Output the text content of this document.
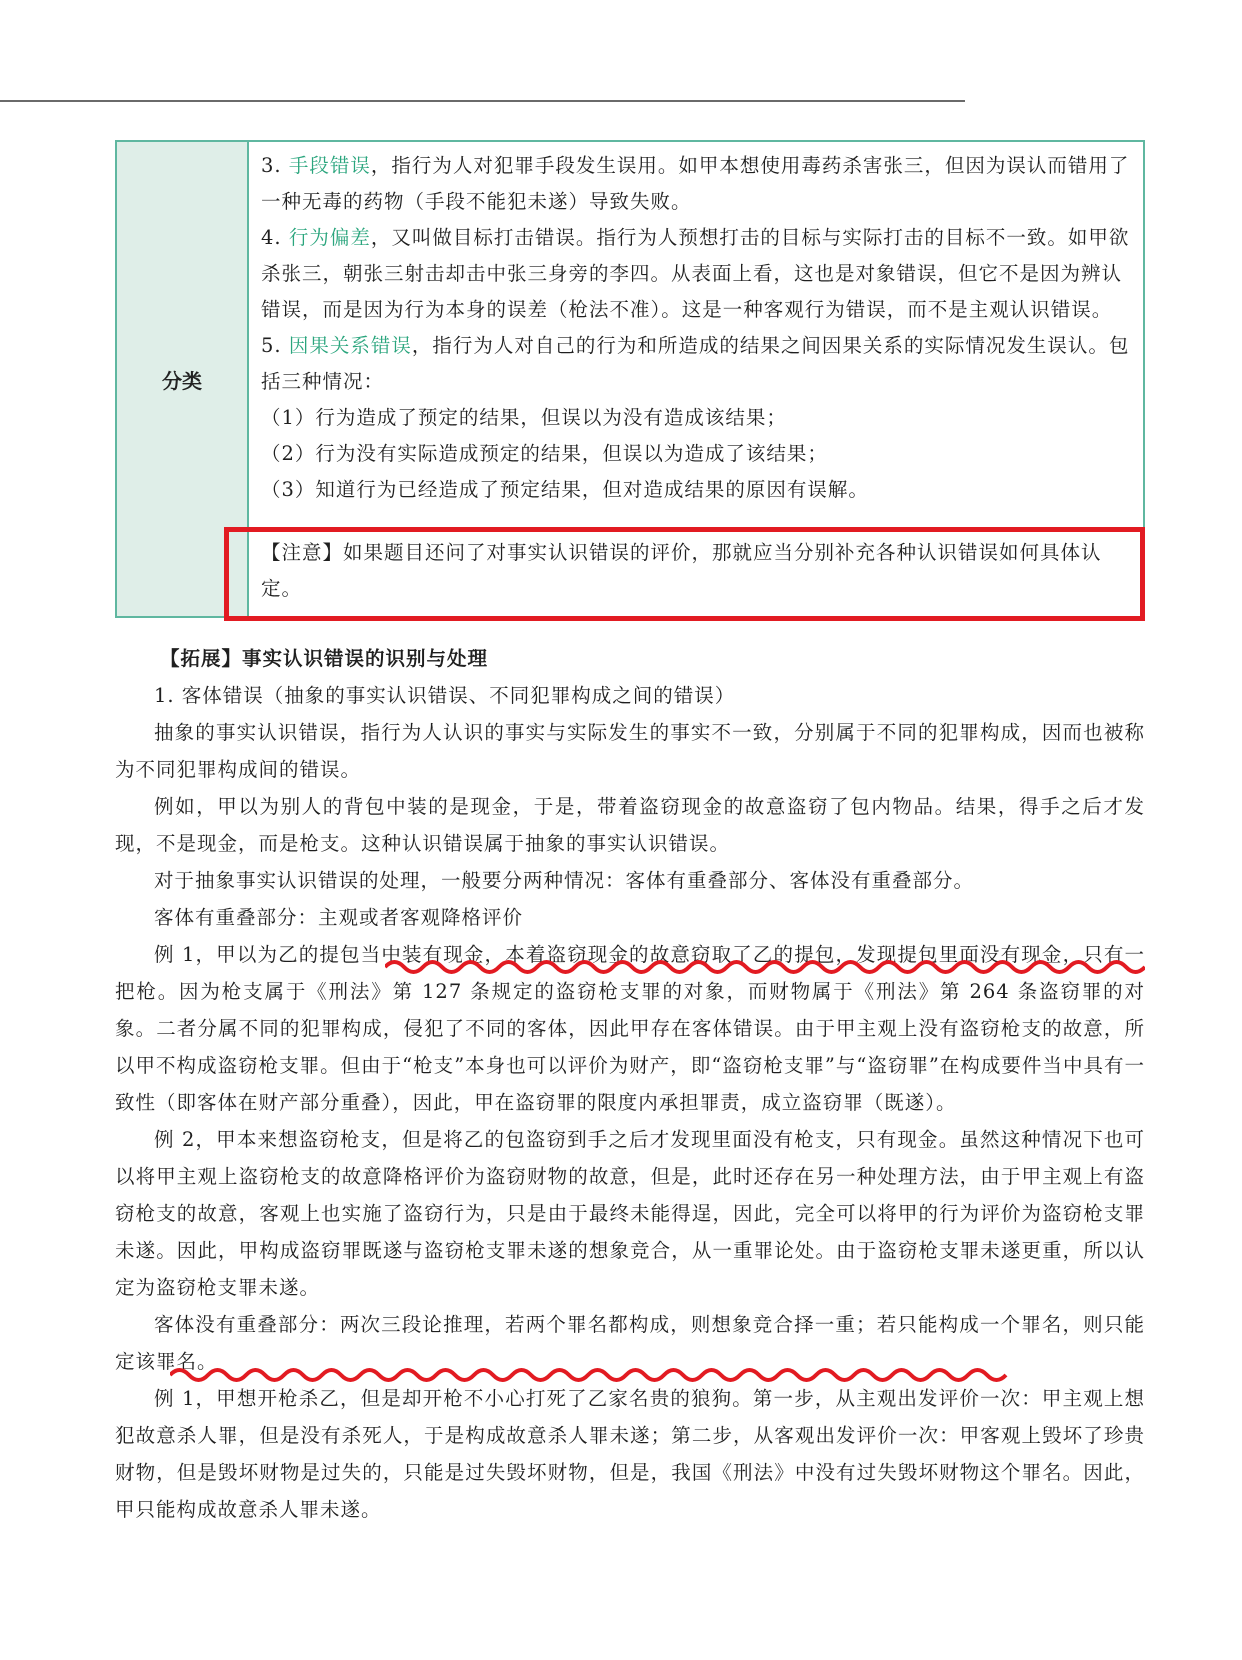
分类

3. 手段错误，指行为人对犯罪手段发生误用。如甲本想使用毒药杀害张三，但因为误认而错用了一种无毒的药物（手段不能犯未遂）导致失败。

4. 行为偏差，又叫做目标打击错误。指行为人预想打击的目标与实际打击的目标不一致。如甲欲杀张三，朝张三射击却击中张三身旁的李四。从表面上看，这也是对象错误，但它不是因为辨认错误，而是因为行为本身的误差（枪法不准）。这是一种客观行为错误，而不是主观认识错误。

5. 因果关系错误，指行为人对自己的行为和所造成的结果之间因果关系的实际情况发生误认。包括三种情况：

（1）行为造成了预定的结果，但误以为没有造成该结果；

（2）行为没有实际造成预定的结果，但误以为造成了该结果；

（3）知道行为已经造成了预定结果，但对造成结果的原因有误解。

【注意】如果题目还问了对事实认识错误的评价，那就应当分别补充各种认识错误如何具体认定。

【拓展】事实认识错误的识别与处理

1. 客体错误（抽象的事实认识错误、不同犯罪构成之间的错误）

抽象的事实认识错误，指行为人认识的事实与实际发生的事实不一致，分别属于不同的犯罪构成，因而也被称为不同犯罪构成间的错误。

例如，甲以为别人的背包中装的是现金，于是，带着盗窃现金的故意盗窃了包内物品。结果，得手之后才发现，不是现金，而是枪支。这种认识错误属于抽象的事实认识错误。

对于抽象事实认识错误的处理，一般要分两种情况：客体有重叠部分、客体没有重叠部分。

客体有重叠部分：主观或者客观降格评价

例 1，甲以为乙的提包当中装有现金，本着盗窃现金的故意窃取了乙的提包，发现提包里面没有现金，只有一把枪。因为枪支属于《刑法》第 127 条规定的盗窃枪支罪的对象，而财物属于《刑法》第 264 条盗窃罪的对象。二者分属不同的犯罪构成，侵犯了不同的客体，因此甲存在客体错误。由于甲主观上没有盗窃枪支的故意，所以甲不构成盗窃枪支罪。但由于“枪支”本身也可以评价为财产，即“盗窃枪支罪”与“盗窃罪”在构成要件当中具有一致性（即客体在财产部分重叠），因此，甲在盗窃罪的限度内承担罪责，成立盗窃罪（既遂）。

例 2，甲本来想盗窃枪支，但是将乙的包盗窃到手之后才发现里面没有枪支，只有现金。虽然这种情况下也可以将甲主观上盗窃枪支的故意降格评价为盗窃财物的故意，但是，此时还存在另一种处理方法，由于甲主观上有盗窃枪支的故意，客观上也实施了盗窃行为，只是由于最终未能得逞，因此，完全可以将甲的行为评价为盗窃枪支罪未遂。因此，甲构成盗窃罪既遂与盗窃枪支罪未遂的想象竞合，从一重罪论处。由于盗窃枪支罪未遂更重，所以认定为盗窃枪支罪未遂。

客体没有重叠部分：两次三段论推理，若两个罪名都构成，则想象竞合择一重；若只能构成一个罪名，则只能定该罪名。

例 1，甲想开枪杀乙，但是却开枪不小心打死了乙家名贵的狼狗。第一步，从主观出发评价一次：甲主观上想犯故意杀人罪，但是没有杀死人，于是构成故意杀人罪未遂；第二步，从客观出发评价一次：甲客观上毁坏了珍贵财物，但是毁坏财物是过失的，只能是过失毁坏财物，但是，我国《刑法》中没有过失毁坏财物这个罪名。因此，甲只能构成故意杀人罪未遂。
